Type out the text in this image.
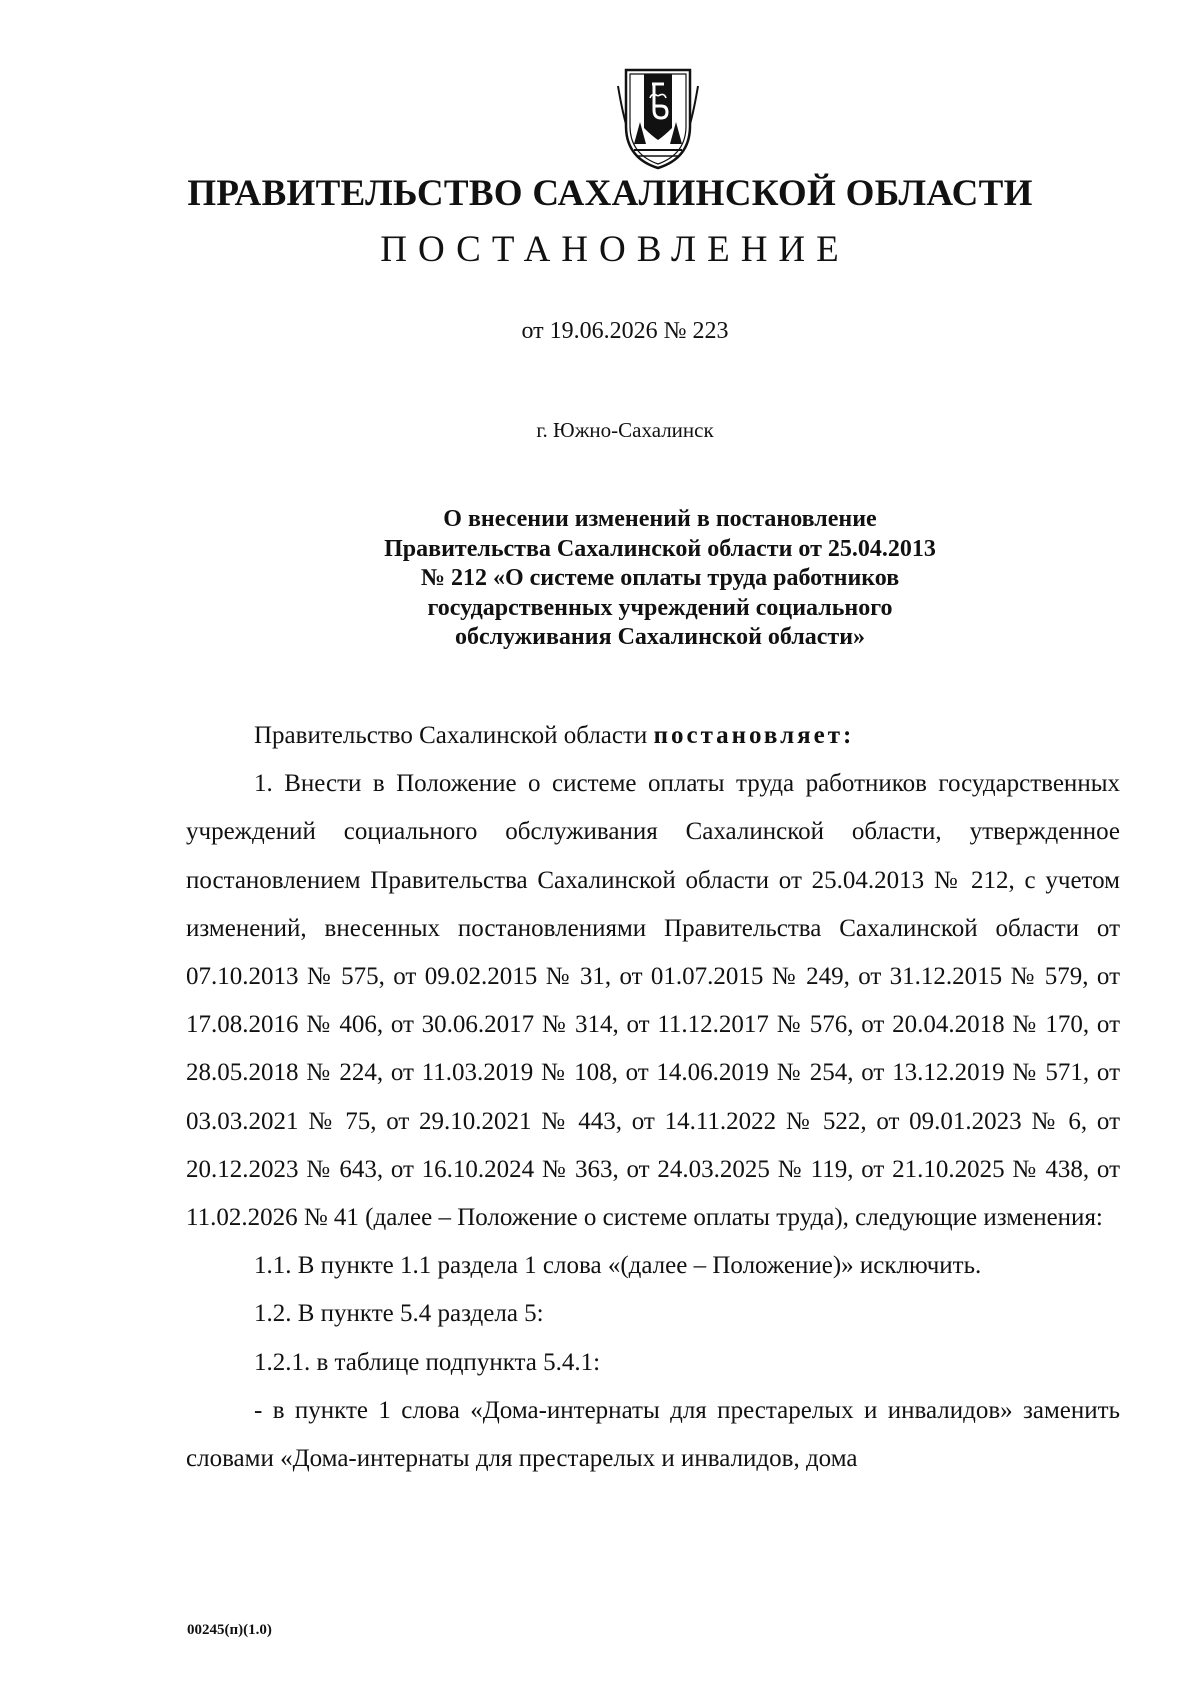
ПРАВИТЕЛЬСТВО САХАЛИНСКОЙ ОБЛАСТИ
ПОСТАНОВЛЕНИЕ
от 19.06.2026 № 223
г. Южно-Сахалинск
О внесении изменений в постановление
Правительства Сахалинской области от 25.04.2013
№ 212 «О системе оплаты труда работников
государственных учреждений социального
обслуживания Сахалинской области»

Правительство Сахалинской области постановляет:

1. Внести в Положение о системе оплаты труда работников государственных учреждений социального обслуживания Сахалинской области, утвержденное постановлением Правительства Сахалинской области от 25.04.2013 № 212, с учетом изменений, внесенных постановлениями Правительства Сахалинской области от 07.10.2013 № 575, от 09.02.2015 № 31, от 01.07.2015 № 249, от 31.12.2015 № 579, от 17.08.2016 № 406, от 30.06.2017 № 314, от 11.12.2017 № 576, от 20.04.2018 № 170, от 28.05.2018 № 224, от 11.03.2019 № 108, от 14.06.2019 № 254, от 13.12.2019 № 571, от 03.03.2021 № 75, от 29.10.2021 № 443, от 14.11.2022 № 522, от 09.01.2023 № 6, от 20.12.2023 № 643, от 16.10.2024 № 363, от 24.03.2025 № 119, от 21.10.2025 № 438, от 11.02.2026 № 41 (далее – Положение о системе оплаты труда), следующие изменения:

1.1. В пункте 1.1 раздела 1 слова «(далее – Положение)» исключить.

1.2. В пункте 5.4 раздела 5:

1.2.1. в таблице подпункта 5.4.1:

- в пункте 1 слова «Дома-интернаты для престарелых и инвалидов» заменить словами «Дома-интернаты для престарелых и инвалидов, дома

00245(п)(1.0)
